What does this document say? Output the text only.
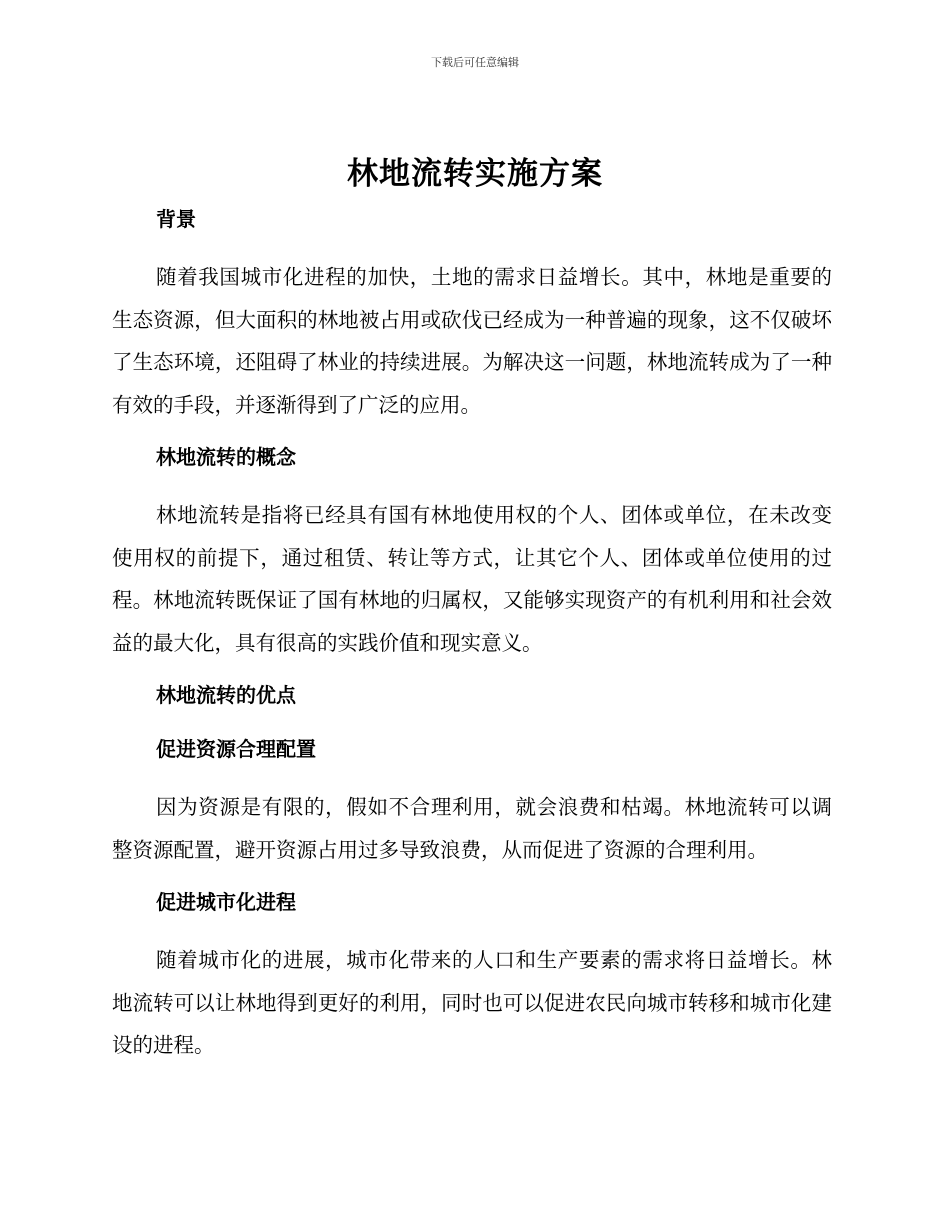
下载后可任意编辑
林地流转实施方案
背景

随着我国城市化进程的加快，土地的需求日益增长。其中，林地是重要的生态资源，但大面积的林地被占用或砍伐已经成为一种普遍的现象，这不仅破坏了生态环境，还阻碍了林业的持续进展。为解决这一问题，林地流转成为了一种有效的手段，并逐渐得到了广泛的应用。

林地流转的概念

林地流转是指将已经具有国有林地使用权的个人、团体或单位，在未改变使用权的前提下，通过租赁、转让等方式，让其它个人、团体或单位使用的过程。林地流转既保证了国有林地的归属权，又能够实现资产的有机利用和社会效益的最大化，具有很高的实践价值和现实意义。

林地流转的优点
促进资源合理配置

因为资源是有限的，假如不合理利用，就会浪费和枯竭。林地流转可以调整资源配置，避开资源占用过多导致浪费，从而促进了资源的合理利用。

促进城市化进程

随着城市化的进展，城市化带来的人口和生产要素的需求将日益增长。林地流转可以让林地得到更好的利用，同时也可以促进农民向城市转移和城市化建设的进程。
